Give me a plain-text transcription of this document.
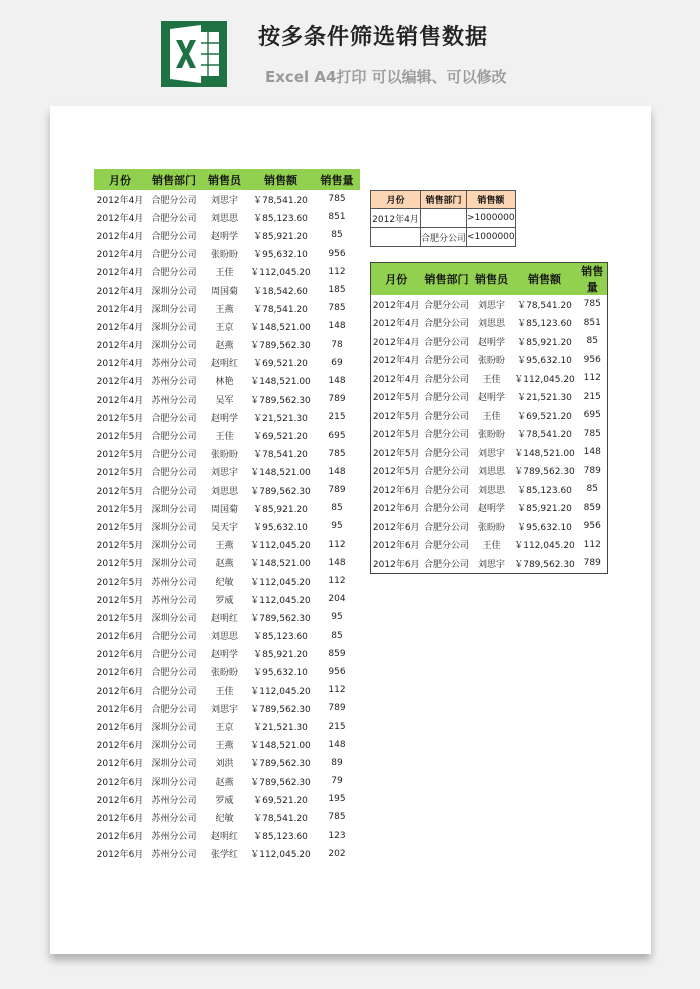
按多条件筛选销售数据
Excel A4打印 可以编辑、可以修改
月份	销售部门	销售员	销售额	销售量
2012年4月	合肥分公司	刘思宇	￥78,541.20	785
2012年4月	合肥分公司	刘思思	￥85,123.60	851
2012年4月	合肥分公司	赵明学	￥85,921.20	85
2012年4月	合肥分公司	张盼盼	￥95,632.10	956
2012年4月	合肥分公司	王佳	￥112,045.20	112
2012年4月	深圳分公司	周国菊	￥18,542.60	185
2012年4月	深圳分公司	王燕	￥78,541.20	785
2012年4月	深圳分公司	王京	￥148,521.00	148
2012年4月	深圳分公司	赵燕	￥789,562.30	78
2012年4月	苏州分公司	赵明红	￥69,521.20	69
2012年4月	苏州分公司	林艳	￥148,521.00	148
2012年4月	苏州分公司	吴军	￥789,562.30	789
2012年5月	合肥分公司	赵明学	￥21,521.30	215
2012年5月	合肥分公司	王佳	￥69,521.20	695
2012年5月	合肥分公司	张盼盼	￥78,541.20	785
2012年5月	合肥分公司	刘思宇	￥148,521.00	148
2012年5月	合肥分公司	刘思思	￥789,562.30	789
2012年5月	深圳分公司	周国菊	￥85,921.20	85
2012年5月	深圳分公司	吴天宇	￥95,632.10	95
2012年5月	深圳分公司	王燕	￥112,045.20	112
2012年5月	深圳分公司	赵燕	￥148,521.00	148
2012年5月	苏州分公司	纪敏	￥112,045.20	112
2012年5月	苏州分公司	罗威	￥112,045.20	204
2012年5月	深圳分公司	赵明红	￥789,562.30	95
2012年6月	合肥分公司	刘思思	￥85,123.60	85
2012年6月	合肥分公司	赵明学	￥85,921.20	859
2012年6月	合肥分公司	张盼盼	￥95,632.10	956
2012年6月	合肥分公司	王佳	￥112,045.20	112
2012年6月	合肥分公司	刘思宇	￥789,562.30	789
2012年6月	深圳分公司	王京	￥21,521.30	215
2012年6月	深圳分公司	王燕	￥148,521.00	148
2012年6月	深圳分公司	刘洪	￥789,562.30	89
2012年6月	深圳分公司	赵燕	￥789,562.30	79
2012年6月	苏州分公司	罗威	￥69,521.20	195
2012年6月	苏州分公司	纪敏	￥78,541.20	785
2012年6月	苏州分公司	赵明红	￥85,123.60	123
2012年6月	苏州分公司	张学红	￥112,045.20	202
月份	销售部门	销售额
2012年4月		>1000000
	合肥分公司	<1000000
月份	销售部门	销售员	销售额	销售量
2012年4月	合肥分公司	刘思宇	￥78,541.20	785
2012年4月	合肥分公司	刘思思	￥85,123.60	851
2012年4月	合肥分公司	赵明学	￥85,921.20	85
2012年4月	合肥分公司	张盼盼	￥95,632.10	956
2012年4月	合肥分公司	王佳	￥112,045.20	112
2012年5月	合肥分公司	赵明学	￥21,521.30	215
2012年5月	合肥分公司	王佳	￥69,521.20	695
2012年5月	合肥分公司	张盼盼	￥78,541.20	785
2012年5月	合肥分公司	刘思宇	￥148,521.00	148
2012年5月	合肥分公司	刘思思	￥789,562.30	789
2012年6月	合肥分公司	刘思思	￥85,123.60	85
2012年6月	合肥分公司	赵明学	￥85,921.20	859
2012年6月	合肥分公司	张盼盼	￥95,632.10	956
2012年6月	合肥分公司	王佳	￥112,045.20	112
2012年6月	合肥分公司	刘思宇	￥789,562.30	789
